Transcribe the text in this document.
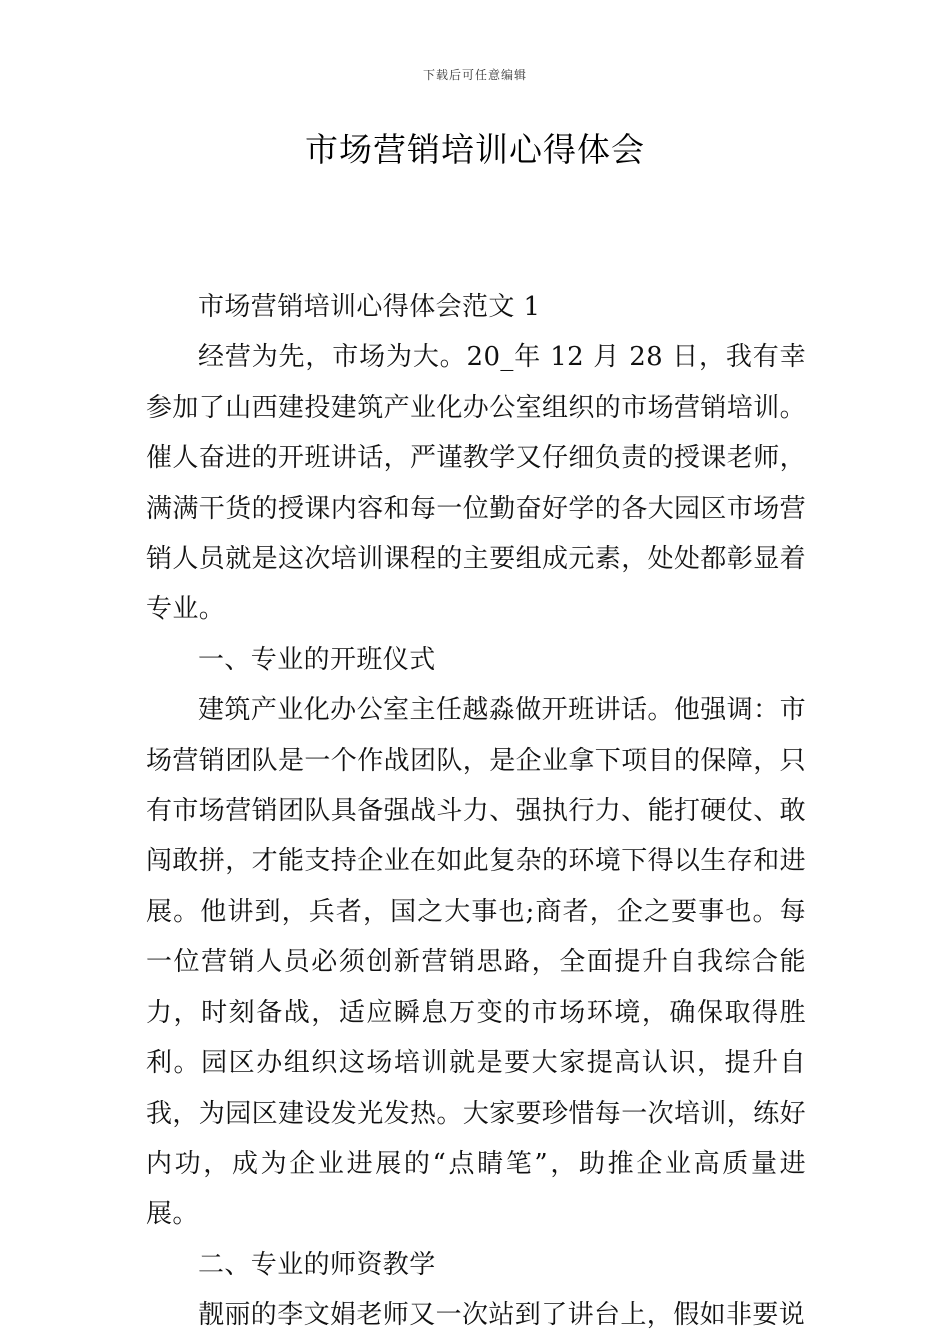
下载后可任意编辑
市场营销培训心得体会

市场营销培训心得体会范文 1

经营为先，市场为大。20_年 12 月 28 日，我有幸参加了山西建投建筑产业化办公室组织的市场营销培训。催人奋进的开班讲话，严谨教学又仔细负责的授课老师，满满干货的授课内容和每一位勤奋好学的各大园区市场营销人员就是这次培训课程的主要组成元素，处处都彰显着专业。

一、专业的开班仪式

建筑产业化办公室主任越淼做开班讲话。他强调：市场营销团队是一个作战团队，是企业拿下项目的保障，只有市场营销团队具备强战斗力、强执行力、能打硬仗、敢闯敢拼，才能支持企业在如此复杂的环境下得以生存和进展。他讲到，兵者，国之大事也;商者，企之要事也。每一位营销人员必须创新营销思路，全面提升自我综合能力，时刻备战，适应瞬息万变的市场环境，确保取得胜利。园区办组织这场培训就是要大家提高认识，提升自我，为园区建设发光发热。大家要珍惜每一次培训，练好内功，成为企业进展的“点睛笔”，助推企业高质量进展。

二、专业的师资教学

靓丽的李文娟老师又一次站到了讲台上，假如非要说
